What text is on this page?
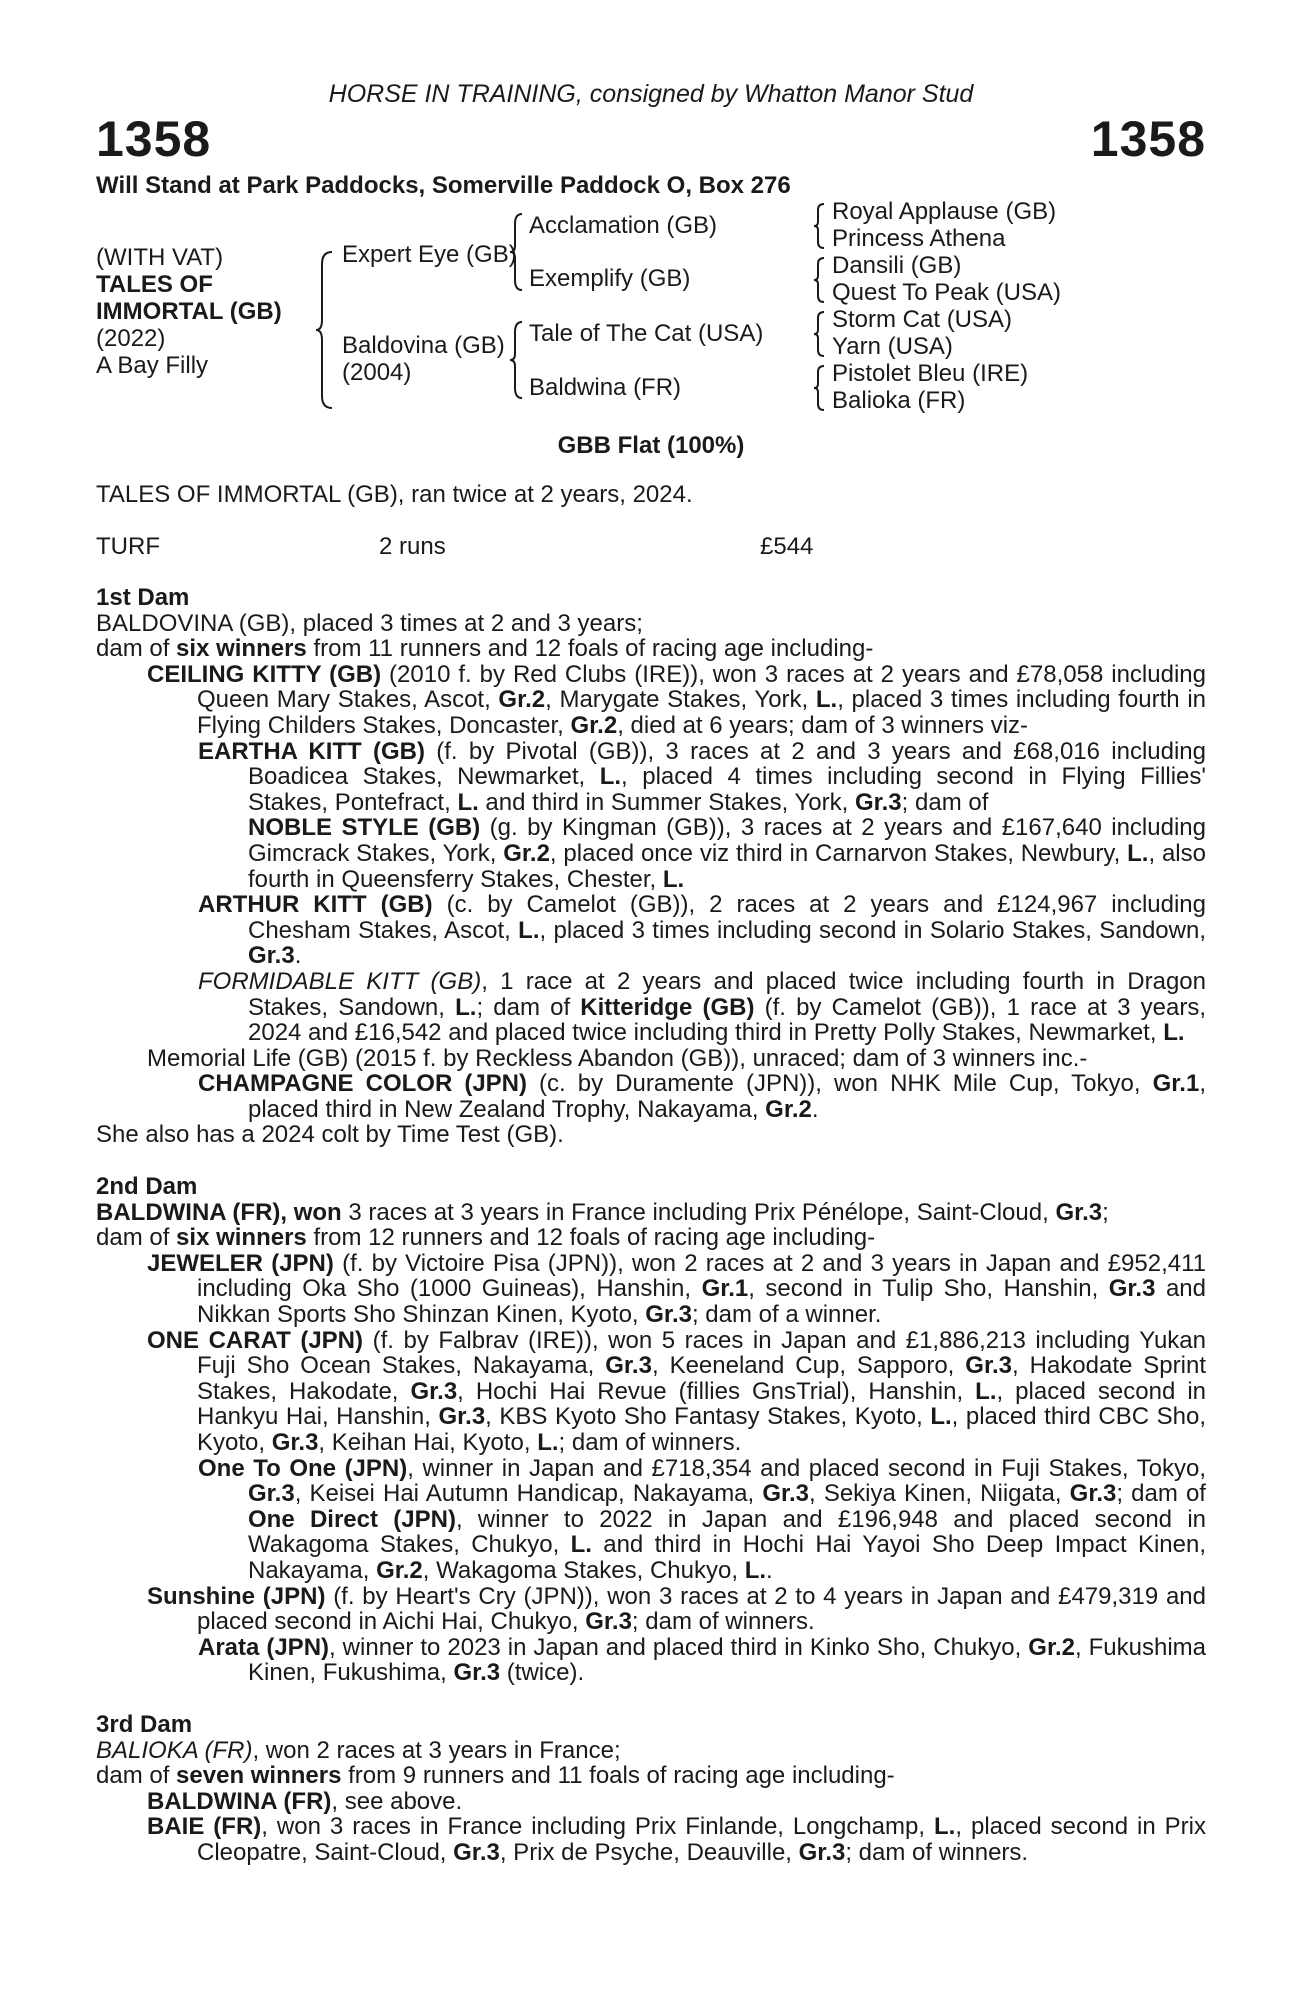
HORSE IN TRAINING, consigned by Whatton Manor Stud
1358	1358
Will Stand at Park Paddocks, Somerville Paddock O, Box 276
(WITH VAT)
TALES OF
IMMORTAL (GB)
(2022)
A Bay Filly
Expert Eye (GB)
Baldovina (GB)
(2004)
Acclamation (GB)
Exemplify (GB)
Tale of The Cat (USA)
Baldwina (FR)
Royal Applause (GB)
Princess Athena
Dansili (GB)
Quest To Peak (USA)
Storm Cat (USA)
Yarn (USA)
Pistolet Bleu (IRE)
Balioka (FR)
GBB Flat (100%)
TALES OF IMMORTAL (GB), ran twice at 2 years, 2024.
TURF	2 runs	£544

1st Dam

BALDOVINA (GB), placed 3 times at 2 and 3 years;

dam of six winners from 11 runners and 12 foals of racing age including-

CEILING KITTY (GB) (2010 f. by Red Clubs (IRE)), won 3 races at 2 years and £78,058 including Queen Mary Stakes, Ascot, Gr.2, Marygate Stakes, York, L., placed 3 times including fourth in Flying Childers Stakes, Doncaster, Gr.2, died at 6 years; dam of 3 winners viz-
EARTHA KITT (GB) (f. by Pivotal (GB)), 3 races at 2 and 3 years and £68,016 including Boadicea Stakes, Newmarket, L., placed 4 times including second in Flying Fillies' Stakes, Pontefract, L. and third in Summer Stakes, York, Gr.3; dam of
NOBLE STYLE (GB) (g. by Kingman (GB)), 3 races at 2 years and £167,640 including Gimcrack Stakes, York, Gr.2, placed once viz third in Carnarvon Stakes, Newbury, L., also fourth in Queensferry Stakes, Chester, L.
ARTHUR KITT (GB) (c. by Camelot (GB)), 2 races at 2 years and £124,967 including Chesham Stakes, Ascot, L., placed 3 times including second in Solario Stakes, Sandown, Gr.3.
FORMIDABLE KITT (GB), 1 race at 2 years and placed twice including fourth in Dragon Stakes, Sandown, L.; dam of Kitteridge (GB) (f. by Camelot (GB)), 1 race at 3 years, 2024 and £16,542 and placed twice including third in Pretty Polly Stakes, Newmarket, L.
Memorial Life (GB) (2015 f. by Reckless Abandon (GB)), unraced; dam of 3 winners inc.-
CHAMPAGNE COLOR (JPN) (c. by Duramente (JPN)), won NHK Mile Cup, Tokyo, Gr.1, placed third in New Zealand Trophy, Nakayama, Gr.2.

She also has a 2024 colt by Time Test (GB).

2nd Dam

BALDWINA (FR), won 3 races at 3 years in France including Prix Pénélope, Saint-Cloud, Gr.3;

dam of six winners from 12 runners and 12 foals of racing age including-

JEWELER (JPN) (f. by Victoire Pisa (JPN)), won 2 races at 2 and 3 years in Japan and £952,411 including Oka Sho (1000 Guineas), Hanshin, Gr.1, second in Tulip Sho, Hanshin, Gr.3 and Nikkan Sports Sho Shinzan Kinen, Kyoto, Gr.3; dam of a winner.
ONE CARAT (JPN) (f. by Falbrav (IRE)), won 5 races in Japan and £1,886,213 including Yukan Fuji Sho Ocean Stakes, Nakayama, Gr.3, Keeneland Cup, Sapporo, Gr.3, Hakodate Sprint Stakes, Hakodate, Gr.3, Hochi Hai Revue (fillies GnsTrial), Hanshin, L., placed second in Hankyu Hai, Hanshin, Gr.3, KBS Kyoto Sho Fantasy Stakes, Kyoto, L., placed third CBC Sho, Kyoto, Gr.3, Keihan Hai, Kyoto, L.; dam of winners.
One To One (JPN), winner in Japan and £718,354 and placed second in Fuji Stakes, Tokyo, Gr.3, Keisei Hai Autumn Handicap, Nakayama, Gr.3, Sekiya Kinen, Niigata, Gr.3; dam of One Direct (JPN), winner to 2022 in Japan and £196,948 and placed second in Wakagoma Stakes, Chukyo, L. and third in Hochi Hai Yayoi Sho Deep Impact Kinen, Nakayama, Gr.2, Wakagoma Stakes, Chukyo, L..
Sunshine (JPN) (f. by Heart's Cry (JPN)), won 3 races at 2 to 4 years in Japan and £479,319 and placed second in Aichi Hai, Chukyo, Gr.3; dam of winners.
Arata (JPN), winner to 2023 in Japan and placed third in Kinko Sho, Chukyo, Gr.2, Fukushima Kinen, Fukushima, Gr.3 (twice).

3rd Dam

BALIOKA (FR), won 2 races at 3 years in France;

dam of seven winners from 9 runners and 11 foals of racing age including-

BALDWINA (FR), see above.
BAIE (FR), won 3 races in France including Prix Finlande, Longchamp, L., placed second in Prix Cleopatre, Saint-Cloud, Gr.3, Prix de Psyche, Deauville, Gr.3; dam of winners.
